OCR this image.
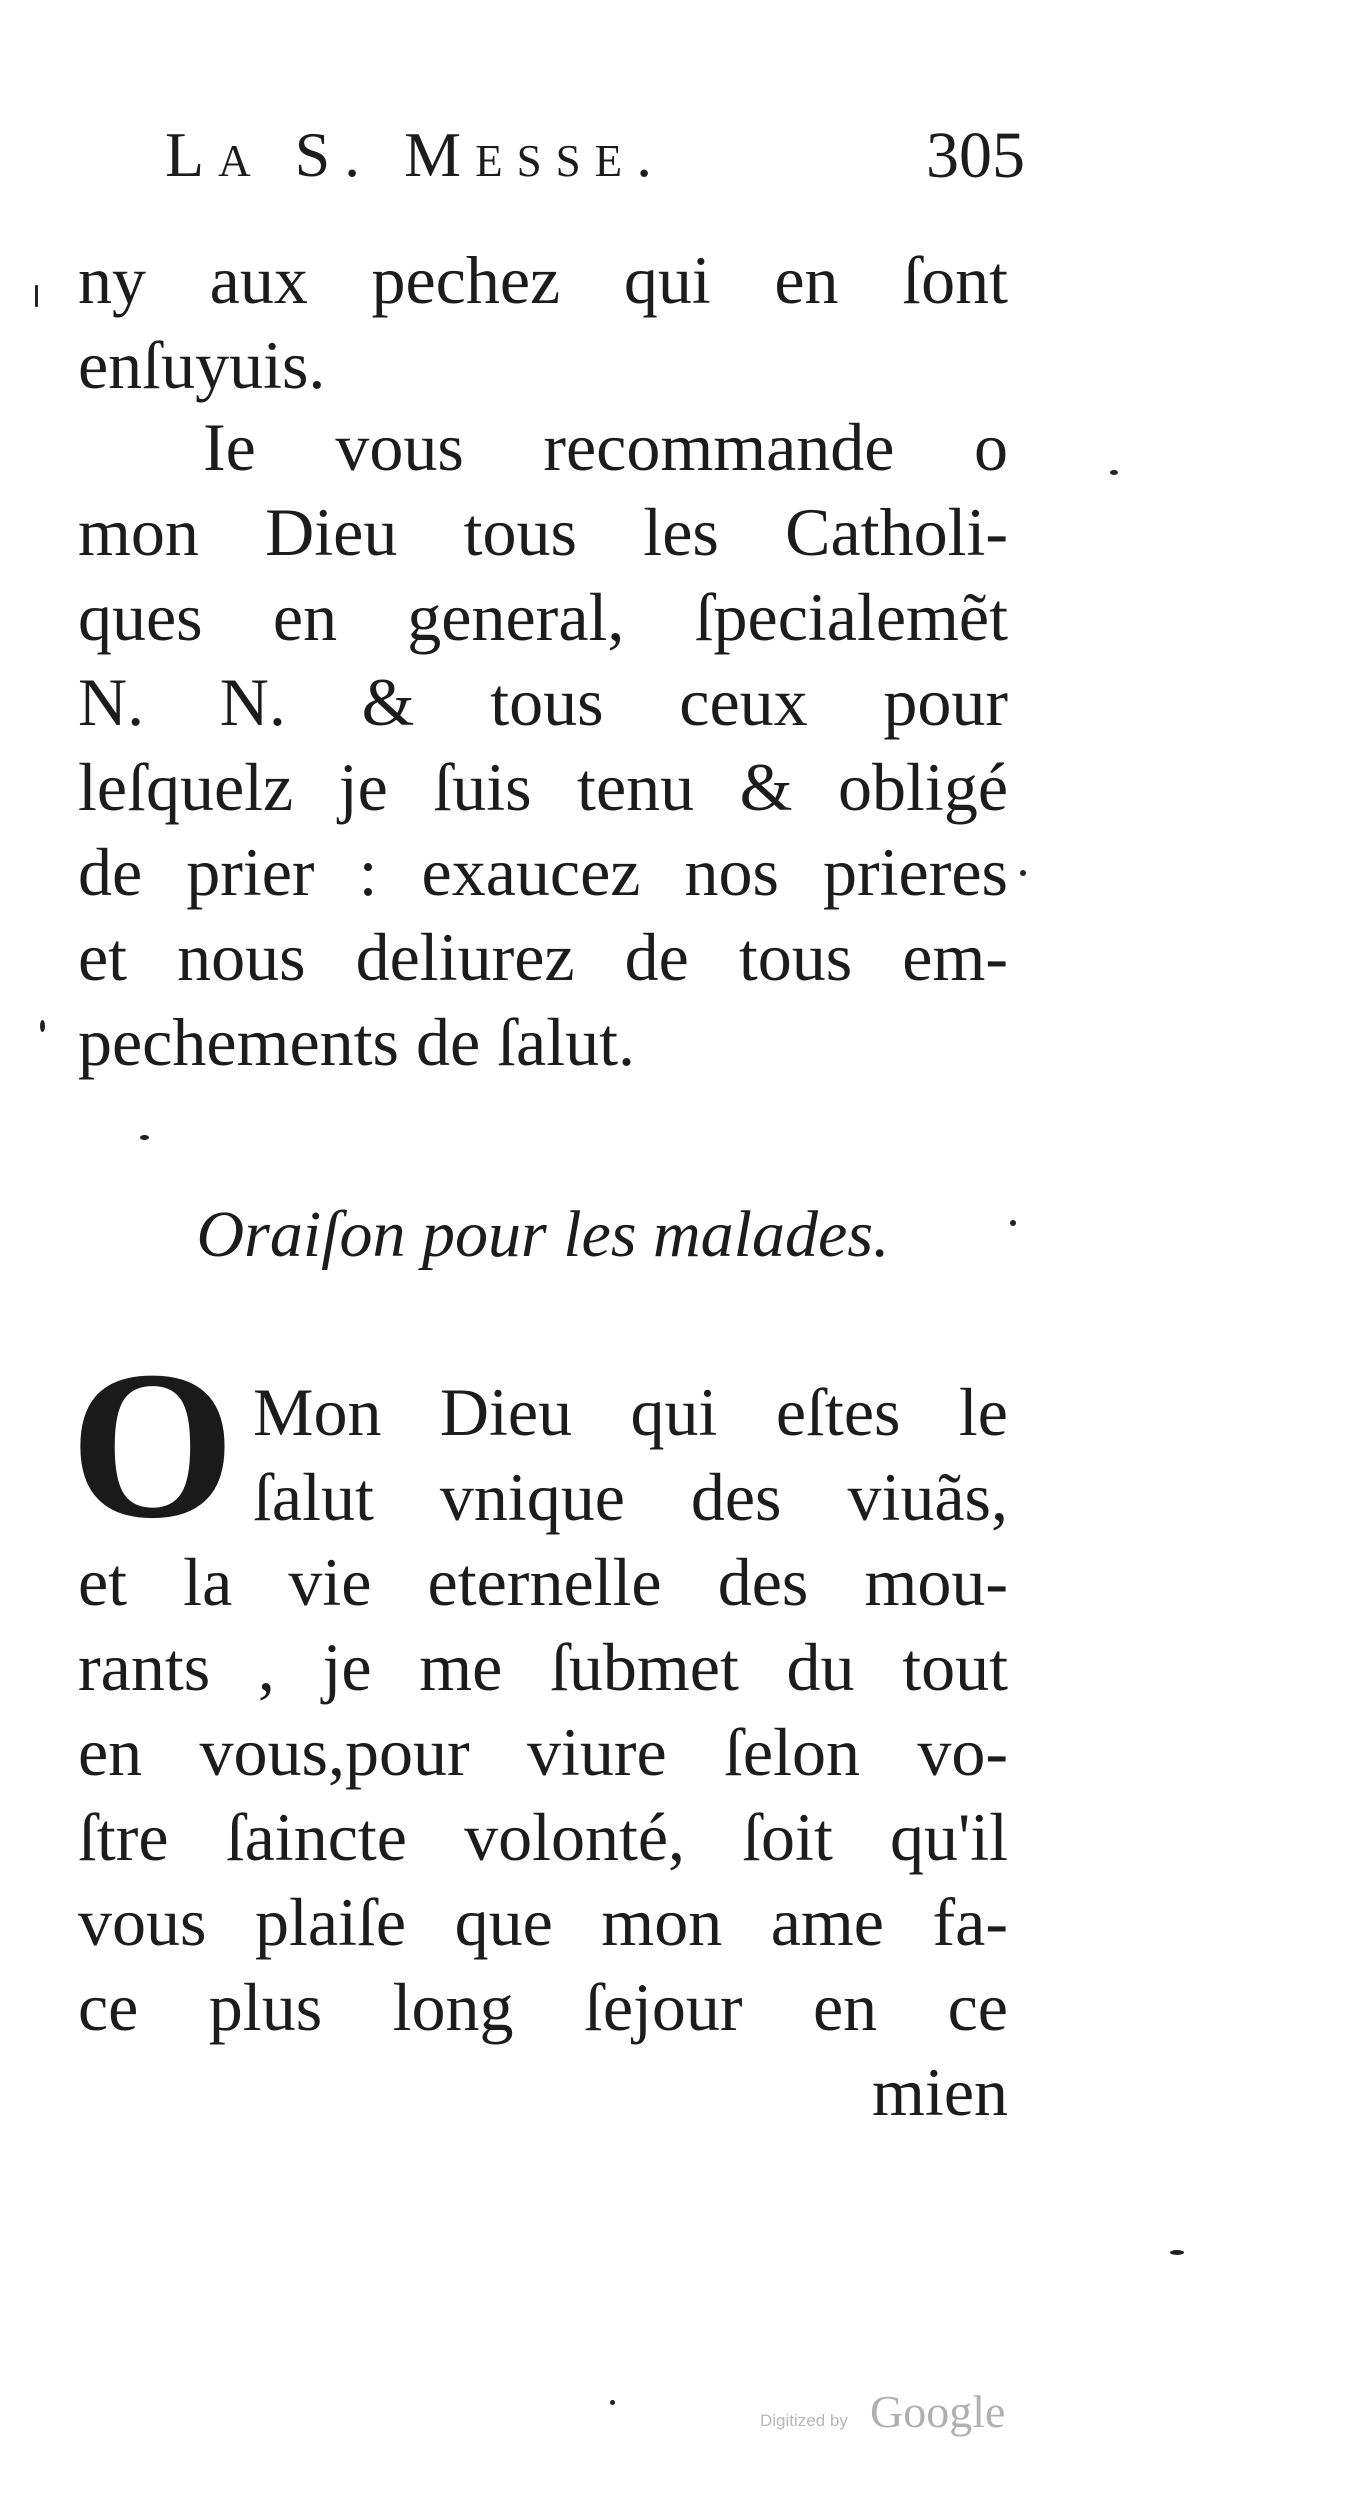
La S. Messe.	305
ny aux pechez qui en ſont
enſuyuis.
Ie vous recommande o
mon Dieu tous les Catholi-
ques en general, ſpecialemẽt
N. N. & tous ceux pour
leſquelz je ſuis tenu & obligé
de prier : exaucez nos prieres
et nous deliurez de tous em-
pechements de ſalut.
Oraiſon pour les malades.
O Mon Dieu qui eſtes le
ſalut vnique des viuãs,
et la vie eternelle des mou-
rants , je me ſubmet du tout
en vous,pour viure ſelon vo-
ſtre ſaincte volonté, ſoit qu'il
vous plaiſe que mon ame fa-
ce plus long ſejour en ce
mien
Digitized by Google
